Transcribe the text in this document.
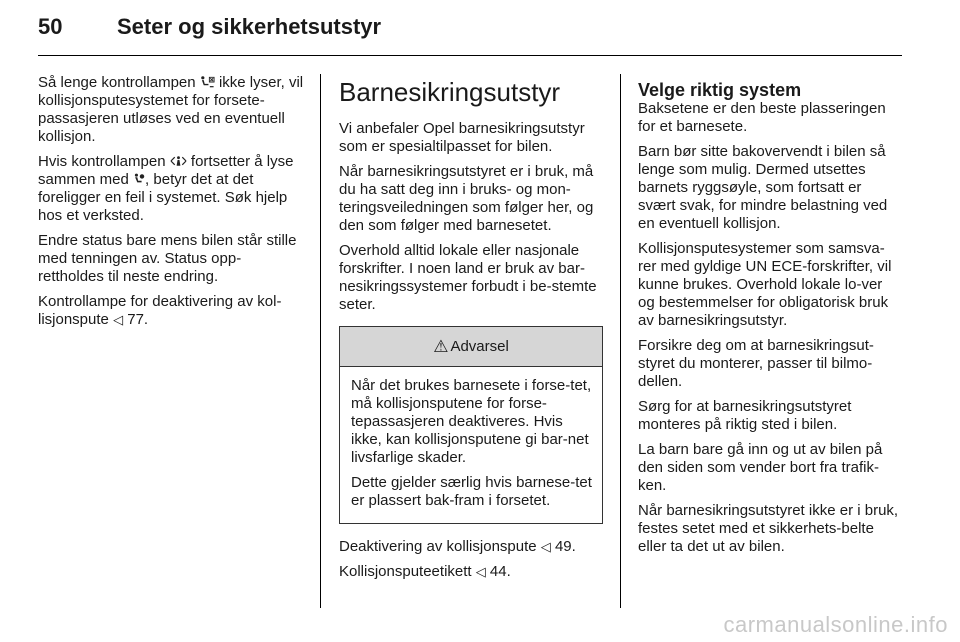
50 Seter og sikkerhetsutstyr

Så lenge kontrollampen ikke lyser, vil kollisjonsputesystemet for forsete-passasjeren utløses ved en eventuell kollisjon.

Hvis kontrollampen fortsetter å lyse sammen med , betyr det at det foreligger en feil i systemet. Søk hjelp hos et verksted.

Endre status bare mens bilen står stille med tenningen av. Status opp-rettholdes til neste endring.

Kontrollampe for deaktivering av kol-lisjonspute ◁ 77.

Barnesikringsutstyr

Vi anbefaler Opel barnesikringsutstyr som er spesialtilpasset for bilen.

Når barnesikringsutstyret er i bruk, må du ha satt deg inn i bruks- og mon-teringsveiledningen som følger her, og den som følger med barnesetet.

Overhold alltid lokale eller nasjonale forskrifter. I noen land er bruk av bar-nesikringssystemer forbudt i be-stemte seter.

⚠ Advarsel

Når det brukes barnesete i forse-tet, må kollisjonsputene for forse-tepassasjeren deaktiveres. Hvis ikke, kan kollisjonsputene gi bar-net livsfarlige skader.

Dette gjelder særlig hvis barnese-tet er plassert bak-fram i forsetet.

Deaktivering av kollisjonspute ◁ 49.

Kollisjonsputeetikett ◁ 44.

Velge riktig system

Baksetene er den beste plasseringen for et barnesete.

Barn bør sitte bakovervendt i bilen så lenge som mulig. Dermed utsettes barnets ryggsøyle, som fortsatt er svært svak, for mindre belastning ved en eventuell kollisjon.

Kollisjonsputesystemer som samsva-rer med gyldige UN ECE-forskrifter, vil kunne brukes. Overhold lokale lo-ver og bestemmelser for obligatorisk bruk av barnesikringsutstyr.

Forsikre deg om at barnesikringsut-styret du monterer, passer til bilmo-dellen.

Sørg for at barnesikringsutstyret monteres på riktig sted i bilen.

La barn bare gå inn og ut av bilen på den siden som vender bort fra trafik-ken.

Når barnesikringsutstyret ikke er i bruk, festes setet med et sikkerhets-belte eller ta det ut av bilen.

carmanualsonline.info
